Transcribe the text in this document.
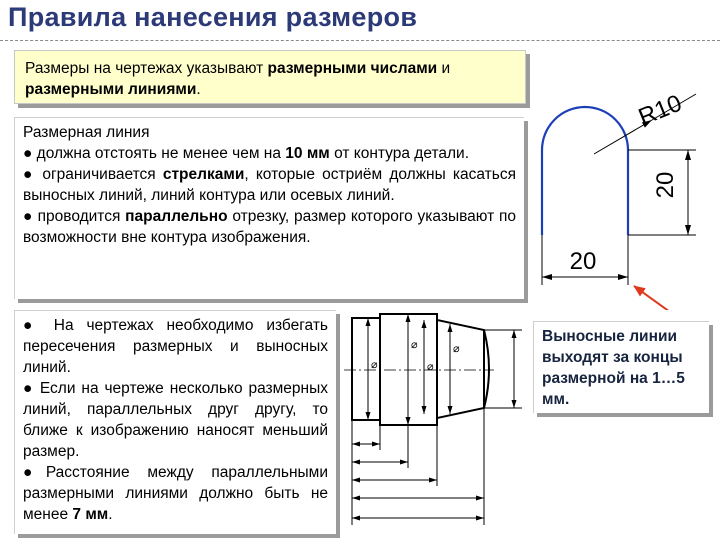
Правила нанесения размеров
Размеры на чертежах указывают размерными числами и размерными линиями.

Размерная линия

● должна отстоять не менее чем на 10 мм от контура детали.

● ограничивается стрелками, которые остриём должны касаться выносных линий, линий контура или осевых линий.

● проводится параллельно отрезку, размер которого указывают по возможности вне контура изображения.

● На чертежах необходимо избегать пересечения размерных и выносных линий.

● Если на чертеже несколько размерных линий, параллельных друг другу, то ближе к изображению наносят меньший размер.

●Расстояние между параллельными размерными линиями должно быть не менее 7 мм.

Выносные линии выходят за концы размерной на 1…5 мм.
R10
20
20
⌀
⌀
⌀
⌀
